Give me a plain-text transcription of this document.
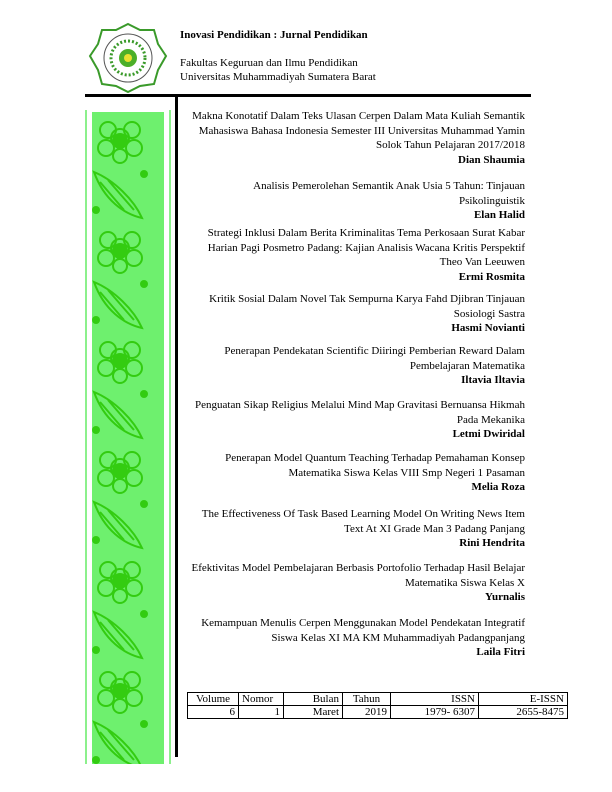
Inovasi Pendidikan : Jurnal Pendidikan
Fakultas Keguruan dan Ilmu Pendidikan
Universitas Muhammadiyah Sumatera Barat
Makna Konotatif Dalam Teks Ulasan Cerpen Dalam Mata Kuliah Semantik
Mahasiswa Bahasa Indonesia Semester III Universitas Muhammad Yamin
Solok Tahun Pelajaran 2017/2018
Dian Shaumia
Analisis Pemerolehan Semantik Anak Usia 5 Tahun: Tinjauan
Psikolinguistik
Elan Halid
Strategi Inklusi Dalam Berita Kriminalitas Tema Perkosaan Surat Kabar
Harian Pagi Posmetro Padang: Kajian Analisis Wacana Kritis Perspektif
Theo Van Leeuwen
Ermi Rosmita
Kritik Sosial Dalam Novel Tak Sempurna Karya Fahd Djibran Tinjauan
Sosiologi Sastra
Hasmi Novianti
Penerapan Pendekatan Scientific Diiringi Pemberian Reward Dalam
Pembelajaran Matematika
Iltavia Iltavia
Penguatan Sikap Religius Melalui Mind Map Gravitasi Bernuansa Hikmah
Pada Mekanika
Letmi Dwiridal
Penerapan Model Quantum Teaching Terhadap Pemahaman Konsep
Matematika Siswa Kelas VIII Smp Negeri 1 Pasaman
Melia Roza
The Effectiveness Of Task Based Learning Model On Writing News Item
Text At XI Grade Man 3 Padang Panjang
Rini Hendrita
Efektivitas Model Pembelajaran Berbasis Portofolio Terhadap Hasil Belajar
Matematika Siswa Kelas X
Yurnalis
Kemampuan Menulis Cerpen Menggunakan Model Pendekatan Integratif
Siswa Kelas XI MA KM Muhammadiyah Padangpanjang
Laila Fitri
Volume	Nomor	Bulan	Tahun	ISSN	E-ISSN
6	1	Maret	2019	1979- 6307	2655-8475
